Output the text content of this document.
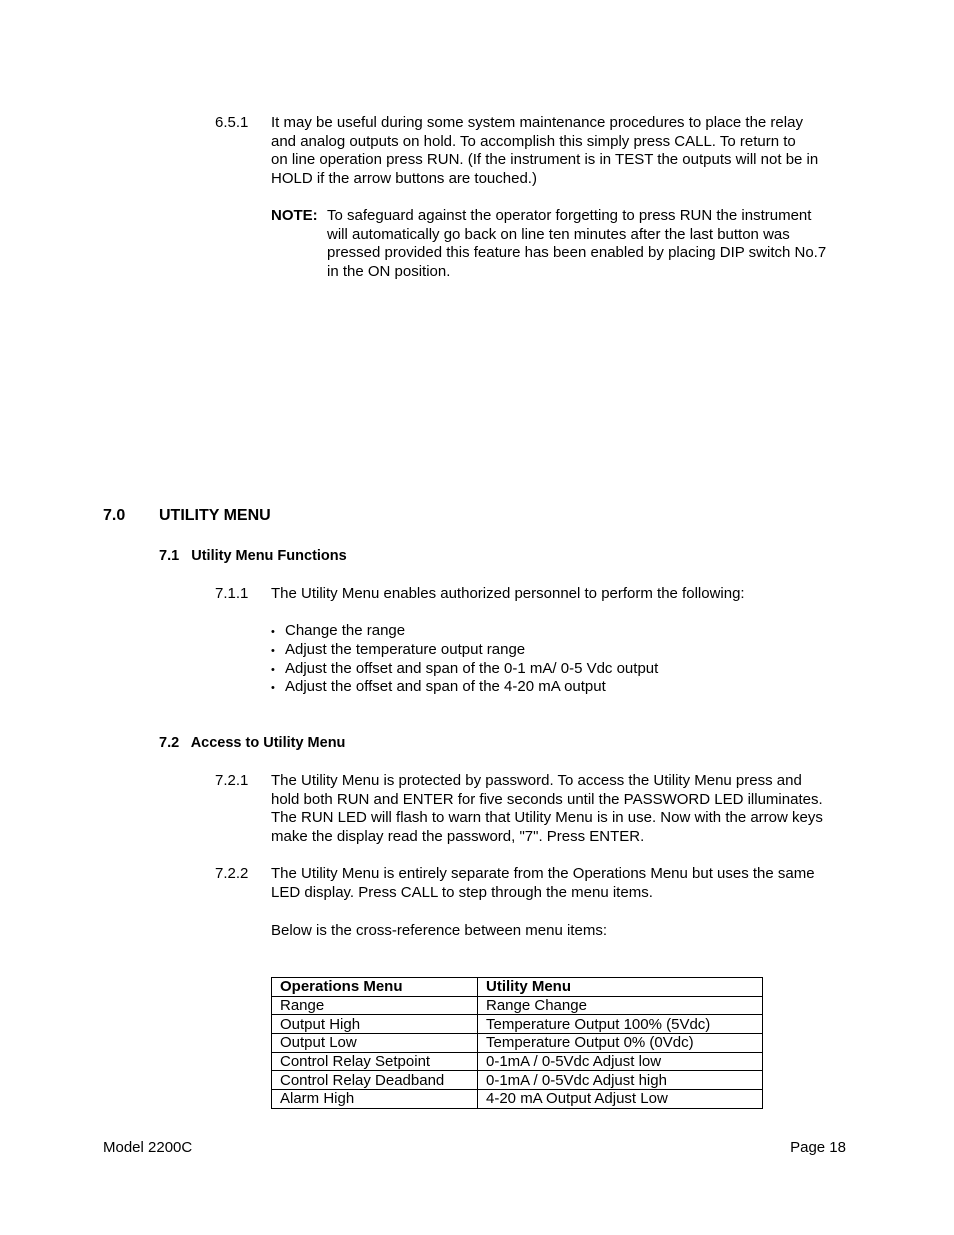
6.5.1 It may be useful during some system maintenance procedures to place the relay
and analog outputs on hold. To accomplish this simply press CALL. To return to
on line operation press RUN. (If the instrument is in TEST the outputs will not be in
HOLD if the arrow buttons are touched.)
NOTE: To safeguard against the operator forgetting to press RUN the instrument
will automatically go back on line ten minutes after the last button was
pressed provided this feature has been enabled by placing DIP switch No.7
in the ON position.
7.0 UTILITY MENU
7.1   Utility Menu Functions
7.1.1 The Utility Menu enables authorized personnel to perform the following:
• Change the range
• Adjust the temperature output range
• Adjust the offset and span of the 0-1 mA/ 0-5 Vdc output
• Adjust the offset and span of the 4-20 mA output
7.2   Access to Utility Menu
7.2.1 The Utility Menu is protected by password. To access the Utility Menu press and
hold both RUN and ENTER for five seconds until the PASSWORD LED illuminates.
The RUN LED will flash to warn that Utility Menu is in use. Now with the arrow keys
make the display read the password, "7". Press ENTER.
7.2.2 The Utility Menu is entirely separate from the Operations Menu but uses the same
LED display. Press CALL to step through the menu items.
Below is the cross-reference between menu items:
Operations Menu	Utility Menu
Range	Range Change
Output High	Temperature Output 100% (5Vdc)
Output Low	Temperature Output 0% (0Vdc)
Control Relay Setpoint	0-1mA / 0-5Vdc Adjust low
Control Relay Deadband	0-1mA / 0-5Vdc Adjust high
Alarm High	4-20 mA Output Adjust Low
Model 2200C	Page 18
